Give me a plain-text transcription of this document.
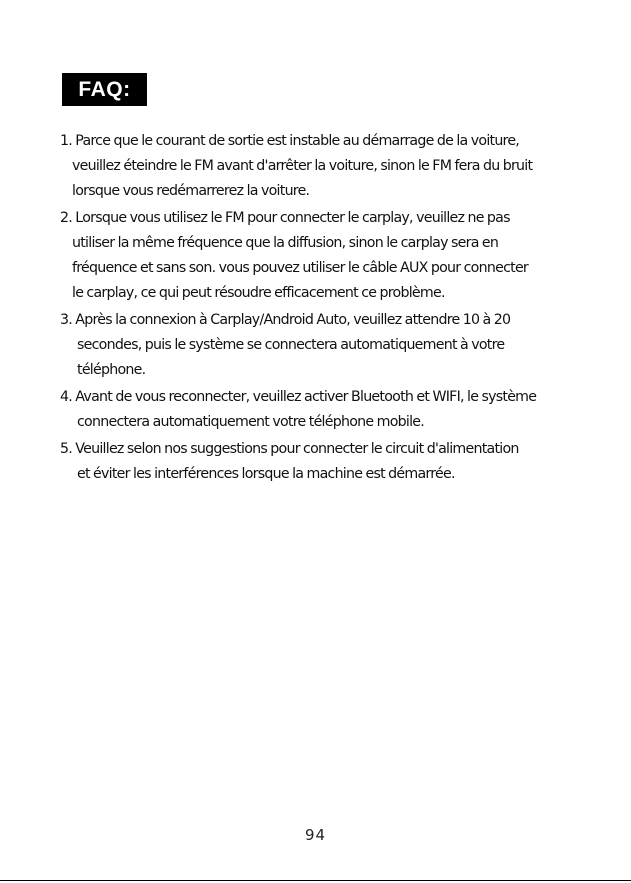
FAQ:
1. Parce que le courant de sortie est instable au démarrage de la voiture,
veuillez éteindre le FM avant d'arrêter la voiture, sinon le FM fera du bruit
lorsque vous redémarrerez la voiture.
2. Lorsque vous utilisez le FM pour connecter le carplay, veuillez ne pas
utiliser la même fréquence que la diffusion, sinon le carplay sera en
fréquence et sans son. vous pouvez utiliser le câble AUX pour connecter
le carplay, ce qui peut résoudre efficacement ce problème.
3. Après la connexion à Carplay/Android Auto, veuillez attendre 10 à 20
secondes, puis le système se connectera automatiquement à votre
téléphone.
4. Avant de vous reconnecter, veuillez activer Bluetooth et WIFI, le système
connectera automatiquement votre téléphone mobile.
5. Veuillez selon nos suggestions pour connecter le circuit d'alimentation
et éviter les interférences lorsque la machine est démarrée.
94
